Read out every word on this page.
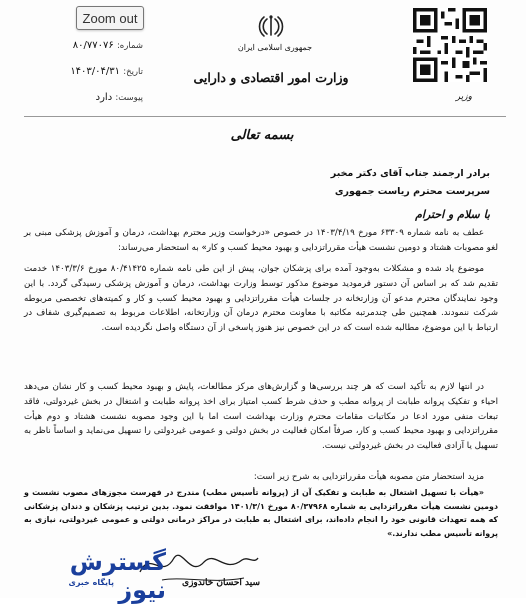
Zoom out
شماره: ۸۰/۷۷۰۷۶
تاریخ: ۱۴۰۳/۰۴/۳۱
پیوست: دارد
جمهوری اسلامی ایران
وزارت امور اقتصادی و دارایی
وزیر
بسمه تعالی
برادر ارجمند جناب آقای دکتر مخبر
سرپرست محترم ریاست جمهوری
با سلام و احترام

عطف به نامه شماره ۶۳۳۰۹ مورخ ۱۴۰۳/۴/۱۹ در خصوص «درخواست وزیر محترم بهداشت، درمان و آموزش پزشکی مبنی بر لغو مصوبات هشتاد و دومین نشست هیأت مقرراتزدایی و بهبود محیط کسب و کار» به استحضار می‌رساند:

موضوع یاد شده و مشکلات به‌وجود آمده برای پزشکان جوان، پیش از این طی نامه شماره ۸۰/۴۱۴۲۵ مورخ ۱۴۰۳/۳/۶ خدمت تقدیم شد که بر اساس آن دستور فرمودید موضوع مذکور توسط وزارت بهداشت، درمان و آموزش پزشکی رسیدگی گردد. با این وجود نمایندگان محترم مدعو آن وزارتخانه در جلسات هیأت مقرراتزدایی و بهبود محیط کسب و کار و کمیته‌های تخصصی مربوطه شرکت ننمودند. همچنین طی چندمرتبه مکاتبه با معاونت محترم درمان آن وزارتخانه، اطلاعات مربوط به تصمیم‌گیری شفاف در ارتباط با این موضوع، مطالبه شده است که در این خصوص نیز هنوز پاسخی از آن دستگاه واصل نگردیده است.

در انتها لازم به تأکید است که هر چند بررسی‌ها و گزارش‌های مرکز مطالعات، پایش و بهبود محیط کسب و کار نشان می‌دهد احیاء و تفکیک پروانه طبابت از پروانه مطب و حذف شرط کسب امتیاز برای اخذ پروانه طبابت و اشتغال در بخش غیردولتی، فاقد تبعات منفی مورد ادعا در مکاتبات مقامات محترم وزارت بهداشت است اما با این وجود مصوبه نشست هشتاد و دوم هیأت مقرراتزدایی و بهبود محیط کسب و کار، صرفاً امکان فعالیت در بخش دولتی و عمومی غیردولتی را تسهیل می‌نماید و اساساً ناظر به تسهیل یا آزادی فعالیت در بخش غیردولتی نیست.

مزید استحضار متن مصوبه هیأت مقرراتزدایی به شرح زیر است:

«هیأت با تسهیل اشتغال به طبابت و تفکیک آن از (پروانه تأسیس مطب) مندرج در فهرست مجوزهای مصوب نشست و دومین نشست هیأت مقرراتزدایی به شماره ۸۰/۳۷۹۶۸ مورخ ۱۴۰۱/۳/۱ موافقت نمود. بدین ترتیب پزشکان و دندان پزشکانی که همه تعهدات قانونی خود را انجام داده‌اند، برای اشتغال به طبابت در مراکز درمانی دولتی و عمومی غیردولتی، نیازی به پروانه تأسیس مطب ندارند.»

سید احسان خاندوزی
گسترش نیوز
پایگاه خبری
